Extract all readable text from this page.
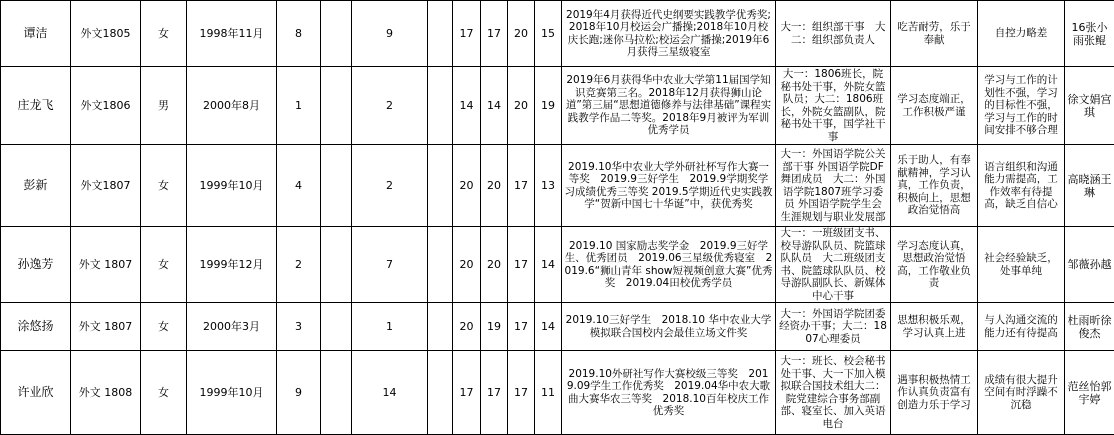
谭洁	外文1805	女	1998年11月	8		9		17	17	20	15	2019年4月获得近代史纲要实践教学优秀奖;2018年10月校运会广播操;2018年10月校庆长跑;迷你马拉松;校运会广播操;2019年6月获得三星级寝室	大一：组织部干事　大二：组织部负责人	吃苦耐劳，乐于奉献	自控力略差	16张小雨张鲲
庄龙飞	外文1806	男	2000年8月	1		2		14	14	20	19	2019年6月获得华中农业大学第11届国学知识竞赛第三名。2018年12月获得狮山论道”第三届“思想道德修养与法律基础”课程实践教学作品二等奖。2018年9月被评为军训优秀学员	大一：1806班长，院秘书处干事，外院女篮队员；大二：1806班长，外院女篮副队，院秘书处干事，国学社干事	学习态度端正，工作积极严谨	学习与工作的计划性不强，学习的目标性不强，学习与工作的时间安排不够合理	徐文娟宫琪
彭新	外文1807	女	1999年10月	4		2		20	20	17	13	2019.10华中农业大学外研社杯写作大赛一等奖　2019.9三好学生　2019.9学期奖学习成绩优秀三等奖 2019.5学期近代史实践教学“贺新中国七十华诞”中，获优秀奖	大一：外国语学院公关部干事 外国语学院DF 舞团成员　大二：外国语学院1807班学习委员 外国语学院学生会 生涯规划与职业发展部	乐于助人，有奉献精神，学习认真，工作负责，积极向上，思想政治觉悟高	语言组织和沟通能力需提高，工作效率有待提高，缺乏自信心	高晓涵王琳
孙逸芳	外文 1807	女	1999年12月	2		7		20	20	17	14	2019.10 国家励志奖学金　2019.9三好学生、优秀团员　2019.06三星级优秀寝室　2019.6“狮山青年 show短视频创意大赛”优秀奖　2019.04田校优秀学员	大一：一班级团支书、校导游队队员、院篮球队队员　大二班级团支书、院篮球队队员、校导游队副队长、新媒体中心干事	学习态度认真，思想政治觉悟高，工作敬业负责	社会经验缺乏，处事单纯	邹薇孙越
涂悠扬	外文 1807	女	2000年3月	3		1		20	19	17	14	2019.10三好学生　2018.10 华中农业大学模拟联合国校内会最佳立场文件奖	大一：外国语学院团委经资办干事；大二：1807心理委员	思想积极乐观，学习认真上进	与人沟通交流的能力还有待提高	杜雨昕徐俊杰
许业欣	外文 1808	女	1999年10月	9		14		17	17	17	11	2019.10外研社写作大赛校级三等奖　2019.09学生工作优秀奖　2019.04华中农大歌曲大赛华农三等奖　2018.10百年校庆工作优秀奖	大一：班长、校会秘书处干事、大一下加入模拟联合国技术组大二：院党建综合事务部副部、寝室长、加入英语电台	遇事积极热情工作认真负责富有创造力乐于学习	成绩有很大提升空间有时浮躁不沉稳	范丝怡郭宇婷
